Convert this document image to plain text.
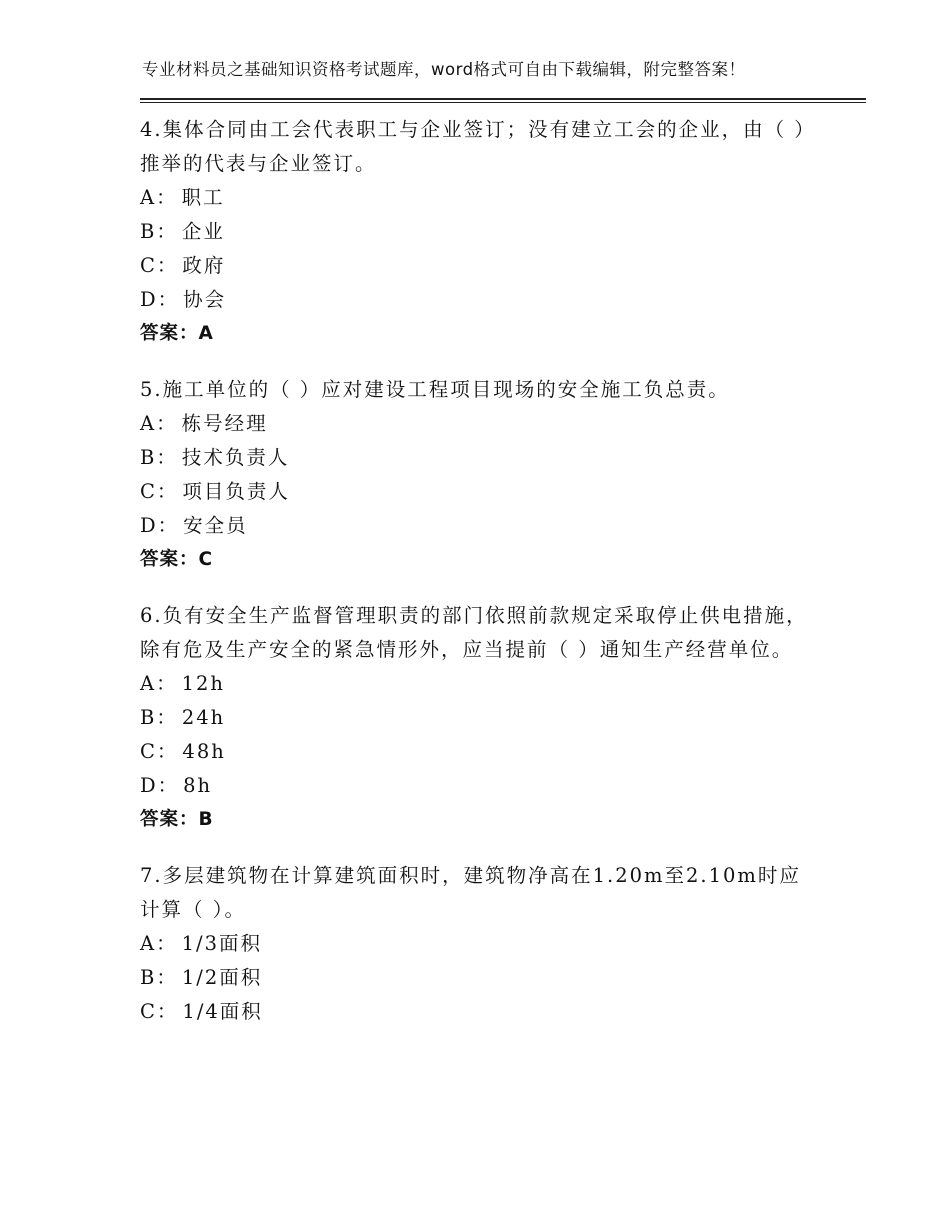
专业材料员之基础知识资格考试题库，word格式可自由下载编辑，附完整答案！

4.集体合同由工会代表职工与企业签订；没有建立工会的企业，由（ ）推举的代表与企业签订。

A： 职工

B： 企业

C： 政府

D： 协会

答案：A

5.施工单位的（ ）应对建设工程项目现场的安全施工负总责。

A： 栋号经理

B： 技术负责人

C： 项目负责人

D： 安全员

答案：C

6.负有安全生产监督管理职责的部门依照前款规定采取停止供电措施，除有危及生产安全的紧急情形外，应当提前（ ）通知生产经营单位。

A： 12h

B： 24h

C： 48h

D： 8h

答案：B

7.多层建筑物在计算建筑面积时，建筑物净高在1.20m至2.10m时应计算（ ）。

A： 1/3面积

B： 1/2面积

C： 1/4面积
